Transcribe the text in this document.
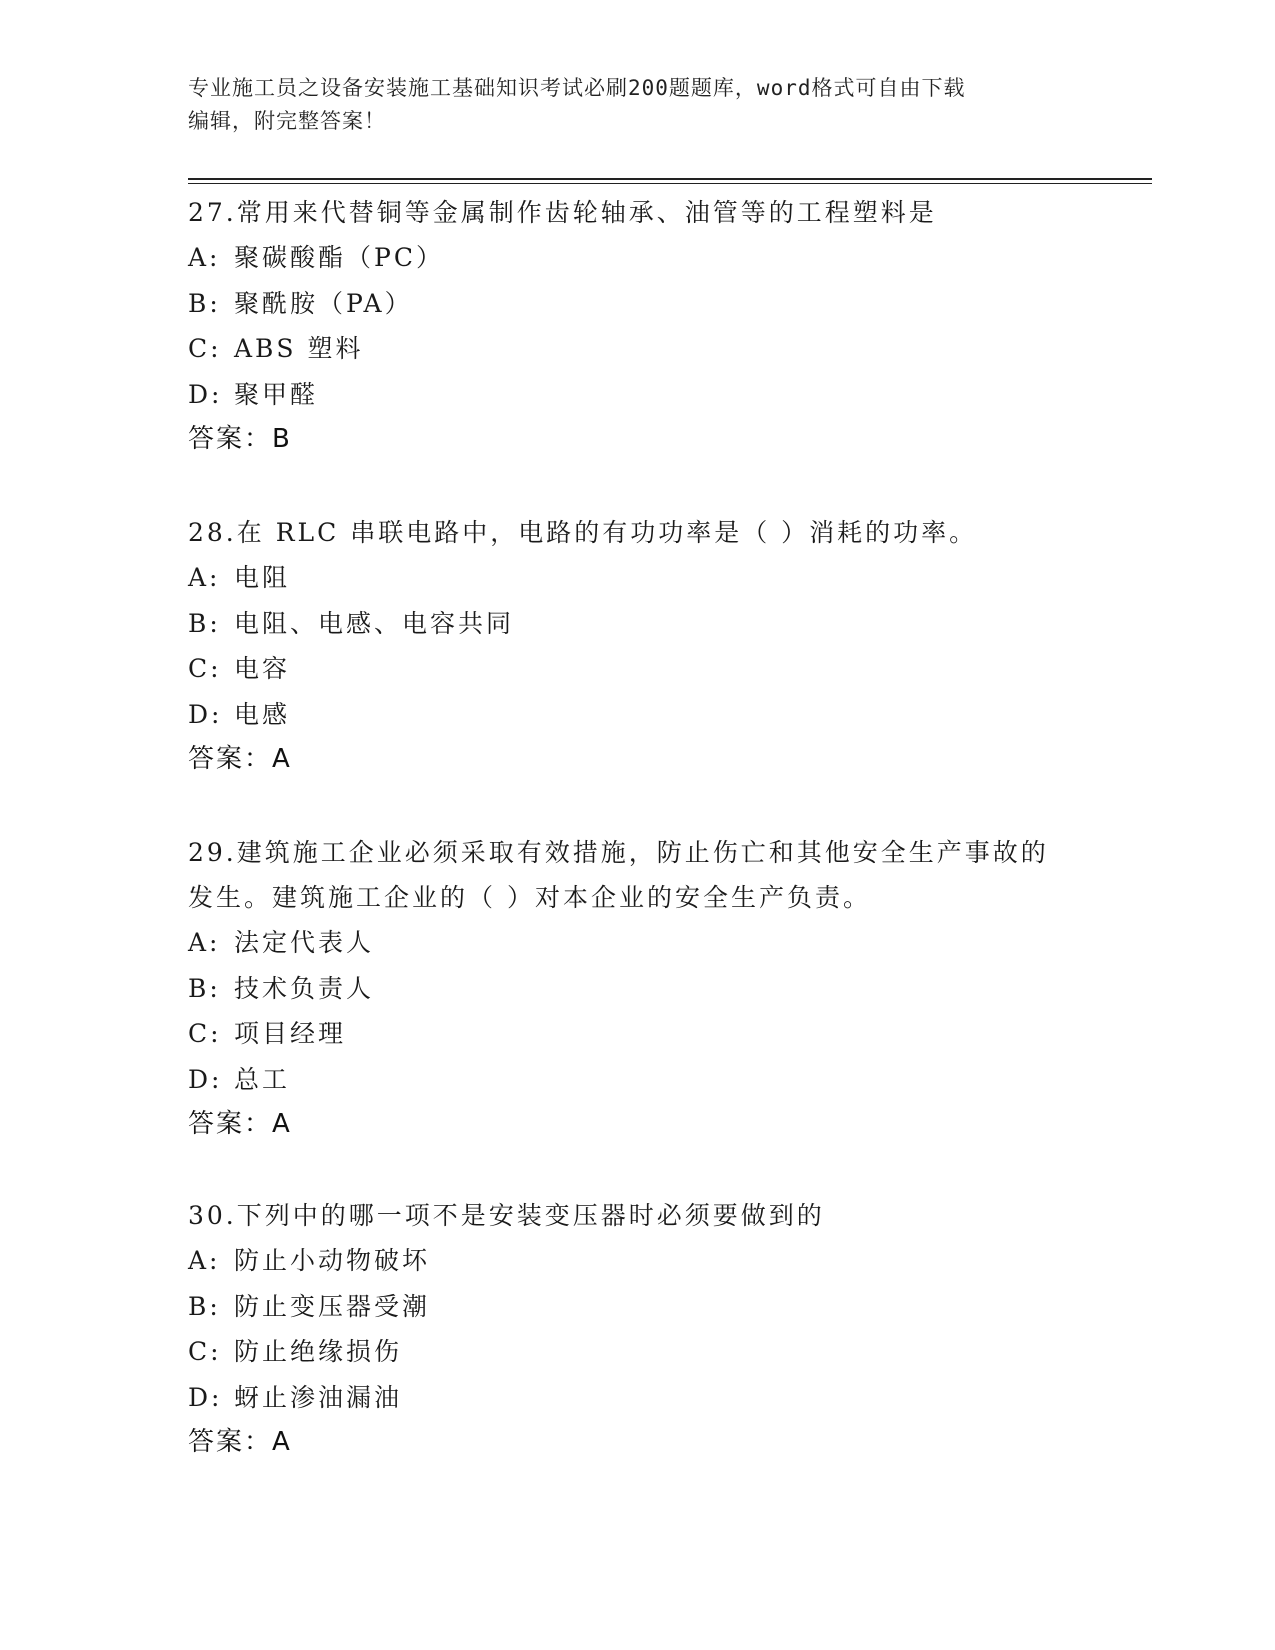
专业施工员之设备安装施工基础知识考试必刷200题题库，word格式可自由下载
编辑，附完整答案！

27.常用来代替铜等金属制作齿轮轴承、油管等的工程塑料是

A: 聚碳酸酯（PC）
B: 聚酰胺（PA）
C: ABS 塑料
D: 聚甲醛

答案：B

28.在 RLC 串联电路中，电路的有功功率是（ ）消耗的功率。

A: 电阻
B: 电阻、电感、电容共同
C: 电容
D: 电感

答案：A

29.建筑施工企业必须采取有效措施，防止伤亡和其他安全生产事故的

发生。建筑施工企业的（ ）对本企业的安全生产负责。

A: 法定代表人
B: 技术负责人
C: 项目经理
D: 总工

答案：A

30.下列中的哪一项不是安装变压器时必须要做到的

A: 防止小动物破坏
B: 防止变压器受潮
C: 防止绝缘损伤
D: 蚜止渗油漏油

答案：A
